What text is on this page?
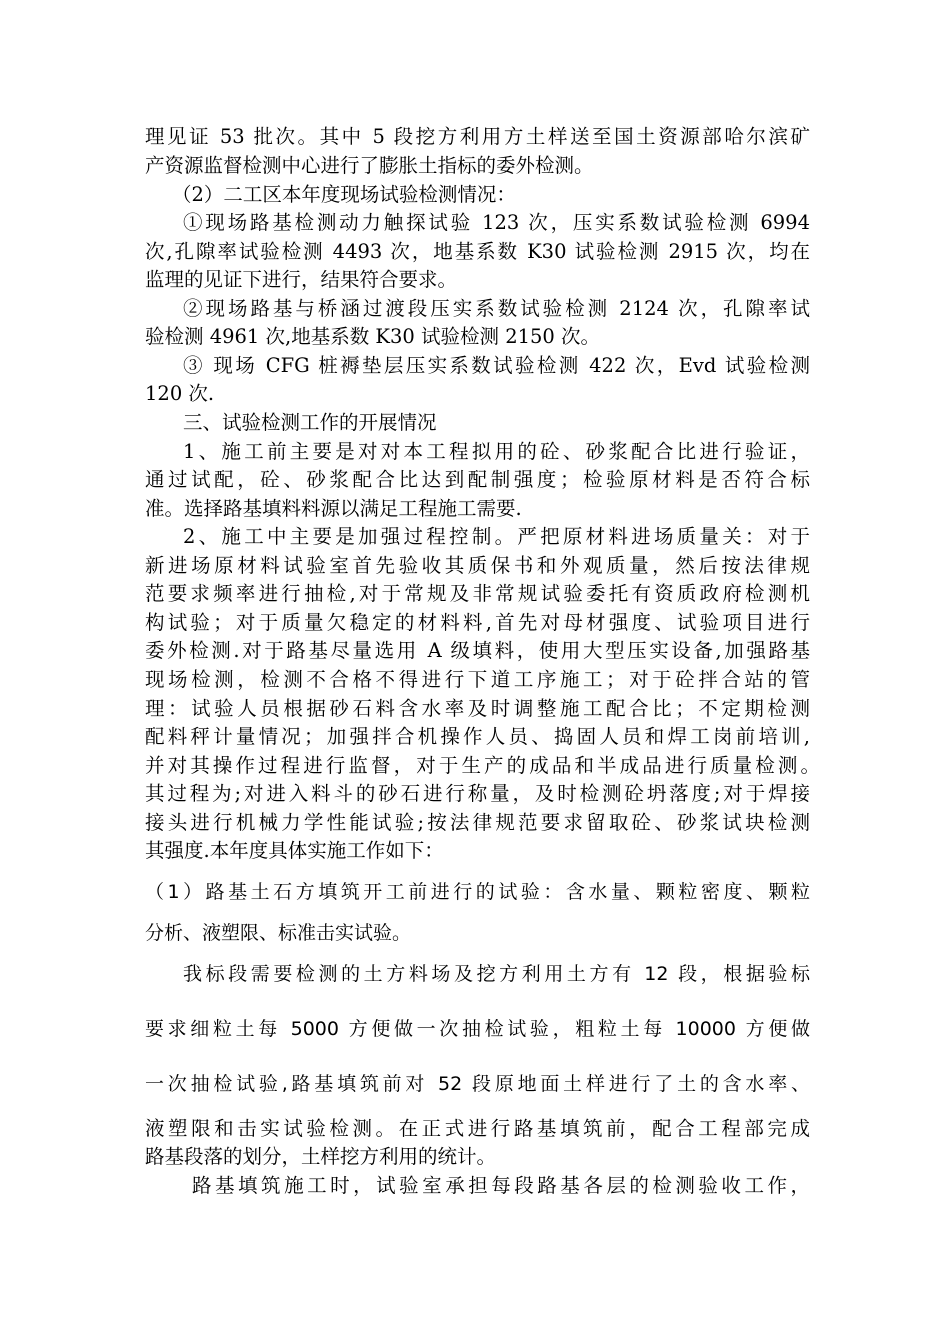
理见证 53 批次。其中 5 段挖方利用方土样送至国土资源部哈尔滨矿
产资源监督检测中心进行了膨胀土指标的委外检测。
（2）二工区本年度现场试验检测情况：
①现场路基检测动力触探试验 123 次，压实系数试验检测 6994
次,孔隙率试验检测 4493 次，地基系数 K30 试验检测 2915 次，均在
监理的见证下进行，结果符合要求。
②现场路基与桥涵过渡段压实系数试验检测 2124 次，孔隙率试
验检测 4961 次,地基系数 K30 试验检测 2150 次。
③ 现场 CFG 桩褥垫层压实系数试验检测 422 次，Evd 试验检测
120 次.
三、试验检测工作的开展情况
1、施工前主要是对对本工程拟用的砼、砂浆配合比进行验证，
通过试配，砼、砂浆配合比达到配制强度；检验原材料是否符合标
准。选择路基填料料源以满足工程施工需要.
2、施工中主要是加强过程控制。严把原材料进场质量关：对于
新进场原材料试验室首先验收其质保书和外观质量，然后按法律规
范要求频率进行抽检,对于常规及非常规试验委托有资质政府检测机
构试验；对于质量欠稳定的材料料,首先对母材强度、试验项目进行
委外检测.对于路基尽量选用 A 级填料，使用大型压实设备,加强路基
现场检测，检测不合格不得进行下道工序施工；对于砼拌合站的管
理：试验人员根据砂石料含水率及时调整施工配合比；不定期检测
配料秤计量情况；加强拌合机操作人员、捣固人员和焊工岗前培训,
并对其操作过程进行监督，对于生产的成品和半成品进行质量检测。
其过程为;对进入料斗的砂石进行称量，及时检测砼坍落度;对于焊接
接头进行机械力学性能试验;按法律规范要求留取砼、砂浆试块检测
其强度.本年度具体实施工作如下：
（1）路基土石方填筑开工前进行的试验：含水量、颗粒密度、颗粒
分析、液塑限、标准击实试验。
我标段需要检测的土方料场及挖方利用土方有 12 段，根据验标
要求细粒土每 5000 方便做一次抽检试验，粗粒土每 10000 方便做
一次抽检试验,路基填筑前对 52 段原地面土样进行了土的含水率、
液塑限和击实试验检测。在正式进行路基填筑前，配合工程部完成
路基段落的划分，土样挖方利用的统计。
路基填筑施工时，试验室承担每段路基各层的检测验收工作，
